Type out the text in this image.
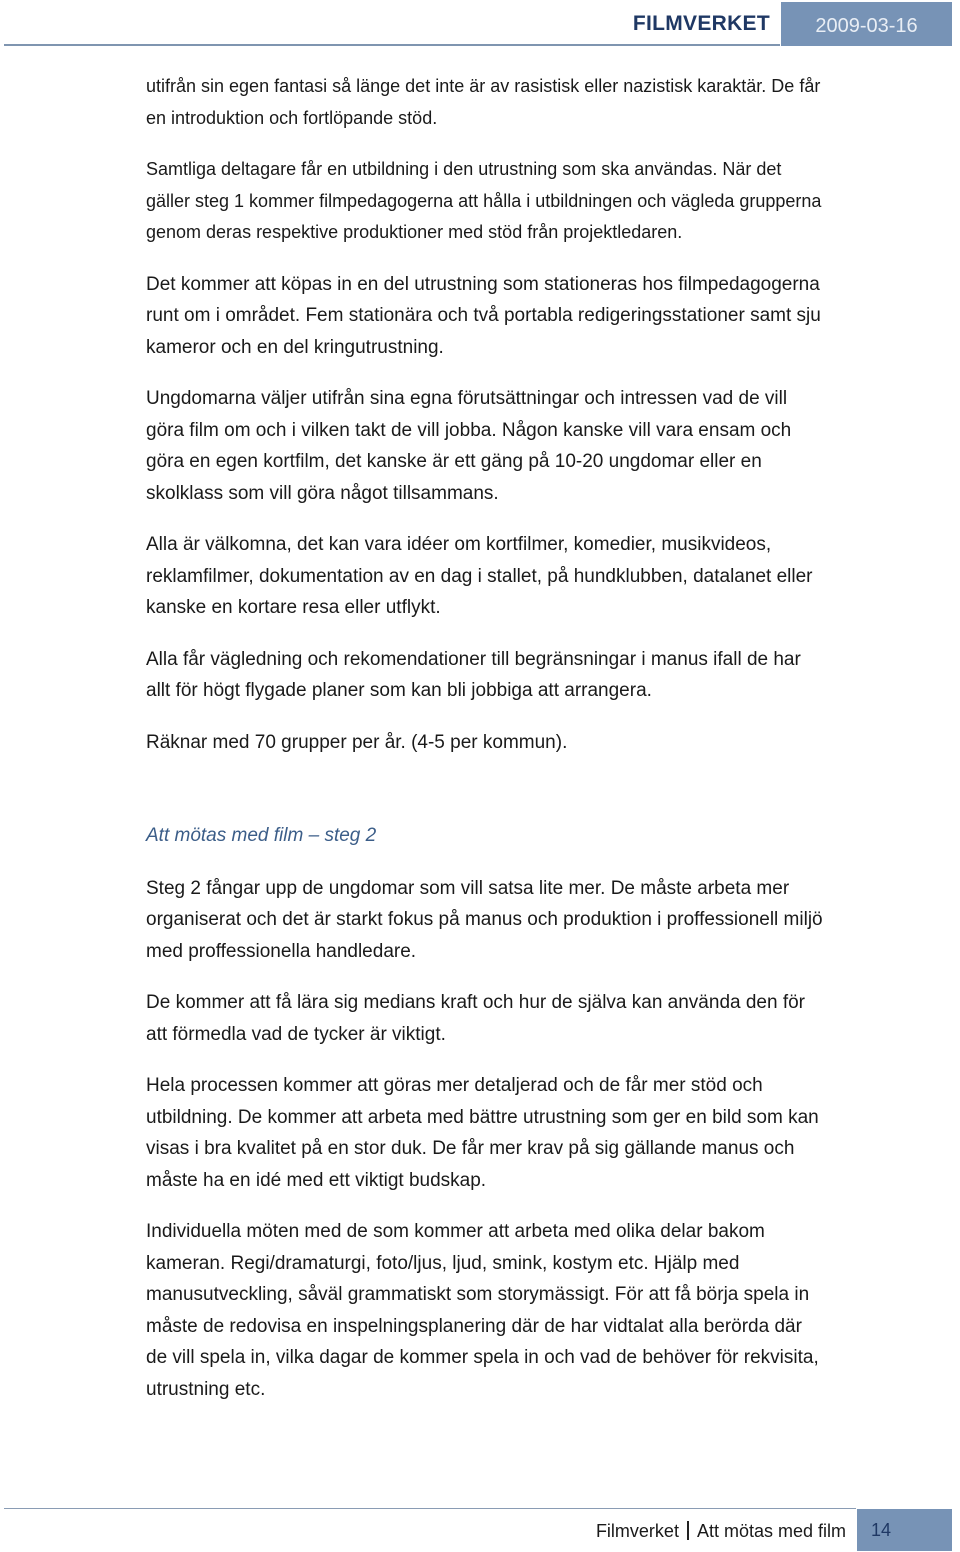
FILMVERKET	2009-03-16

utifrån sin egen fantasi så länge det inte är av rasistisk eller nazistisk karaktär. De får en introduktion och fortlöpande stöd.

Samtliga deltagare får en utbildning i den utrustning som ska användas. När det gäller steg 1 kommer filmpedagogerna att hålla i utbildningen och vägleda grupperna genom deras respektive produktioner med stöd från projektledaren.

Det kommer att köpas in en del utrustning som stationeras hos filmpedagogerna runt om i området. Fem stationära och två portabla redigeringsstationer samt sju kameror och en del kringutrustning.

Ungdomarna väljer utifrån sina egna förutsättningar och intressen vad de vill göra film om och i vilken takt de vill jobba. Någon kanske vill vara ensam och göra en egen kortfilm, det kanske är ett gäng på 10-20 ungdomar eller en skolklass som vill göra något tillsammans.

Alla är välkomna, det kan vara idéer om kortfilmer, komedier, musikvideos, reklamfilmer, dokumentation av en dag i stallet, på hundklubben, datalanet eller kanske en kortare resa eller utflykt.

Alla får vägledning och rekomendationer till begränsningar i manus ifall de har allt för högt flygade planer som kan bli jobbiga att arrangera.

Räknar med 70 grupper per år. (4-5 per kommun).

Att mötas med film – steg 2

Steg 2 fångar upp de ungdomar som vill satsa lite mer. De måste arbeta mer organiserat och det är starkt fokus på manus och produktion i proffessionell miljö med proffessionella handledare.

De kommer att få lära sig medians kraft och hur de själva kan använda den för att förmedla vad de tycker är viktigt.

Hela processen kommer att göras mer detaljerad och de får mer stöd och utbildning. De kommer att arbeta med bättre utrustning som ger en bild som kan visas i bra kvalitet på en stor duk. De får mer krav på sig gällande manus och måste ha en idé med ett viktigt budskap.

Individuella möten med de som kommer att arbeta med olika delar bakom kameran. Regi/dramaturgi, foto/ljus, ljud, smink, kostym etc. Hjälp med manusutveckling, såväl grammatiskt som storymässigt. För att få börja spela in måste de redovisa en inspelningsplanering där de har vidtalat alla berörda där de vill spela in, vilka dagar de kommer spela in och vad de behöver för rekvisita, utrustning etc.

Filmverket Att mötas med film	14
